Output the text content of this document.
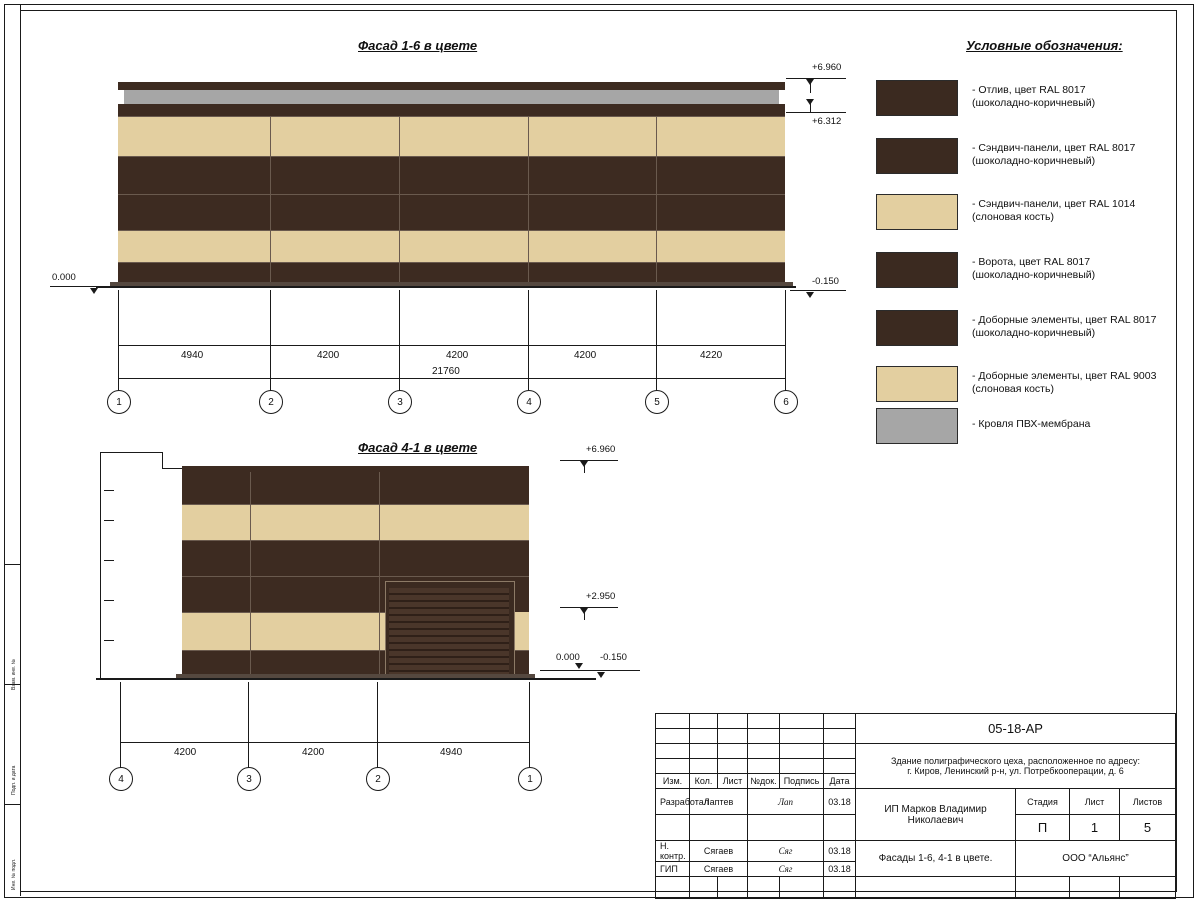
Взам. инв. №
Подп. и дата
Инв. № подл.
Фасад 1-6 в цвете
+6.960
+6.312
0.000	-0.150
4940	4200	4200	4200	4220
21760
1	2	3	4	5	6
Фасад 4-1 в цвете	+6.960
+2.950
0.000 -0.150
4200	4200	4940
4	3	2	1
Условные обозначения:
- Отлив, цвет RAL 8017
(шоколадно-коричневый)
- Сэндвич-панели, цвет RAL 8017
(шоколадно-коричневый)
- Сэндвич-панели, цвет RAL 1014
(слоновая кость)
- Ворота, цвет RAL 8017
(шоколадно-коричневый)
- Доборные элементы, цвет RAL 8017
(шоколадно-коричневый)
- Доборные элементы, цвет RAL 9003
(слоновая кость)
- Кровля ПВХ-мембрана
						05-18-АР			

						Здание полиграфического цеха, расположенное по адресу:
г. Киров, Ленинский р-н, ул. Потребкооперации, д. 6			

Изм.	Кол.	Лист	№док.	Подпись	Дата				
Разработал	Лаптев		Лап		03.18	ИП Марков Владимир Николаевич	Стадия	Лист	Листов
							П	1	5
Н. контр.	Сягаев		Сяг		03.18	Фасады 1-6, 4-1 в цвете.	ООО “Альянс”		
ГИП	Сягаев		Сяг		03.18				
